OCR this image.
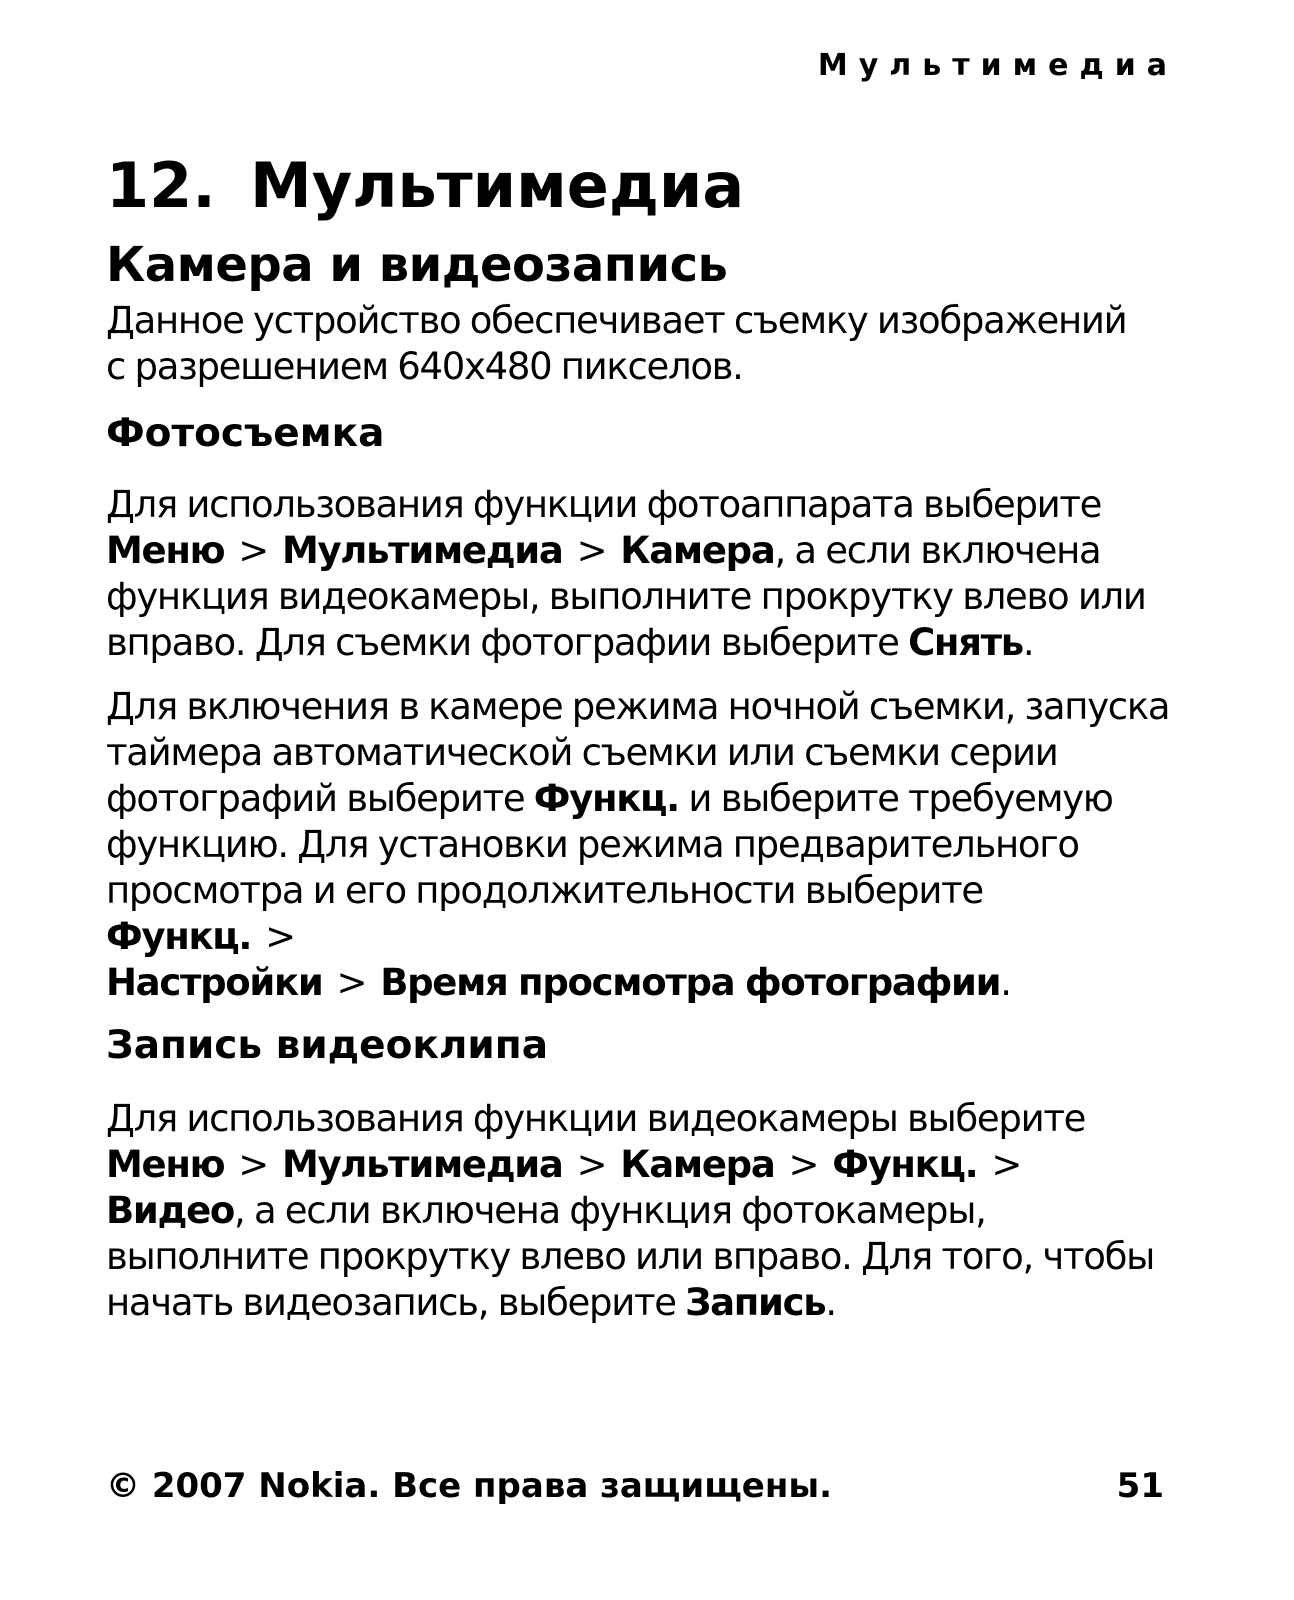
Мультимедиа
12. Мультимедиа
Камера и видеозапись

Данное устройство обеспечивает съемку изображений
с разрешением 640x480 пикселов.

Фотосъемка

Для использования функции фотоаппарата выберите
Меню > Мультимедиа > Камера, а если включена функция видеокамеры, выполните прокрутку влево или вправо. Для съемки фотографии выберите Снять.

Для включения в камере режима ночной съемки, запуска таймера автоматической съемки или съемки серии фотографий выберите Функц. и выберите требуемую функцию. Для установки режима предварительного просмотра и его продолжительности выберите Функц. >
Настройки > Время просмотра фотографии.

Запись видеоклипа

Для использования функции видеокамеры выберите
Меню > Мультимедиа > Камера > Функц. >
Видео, а если включена функция фотокамеры, выполните прокрутку влево или вправо. Для того, чтобы начать видеозапись, выберите Запись.

© 2007 Nokia. Все права защищены.	51
